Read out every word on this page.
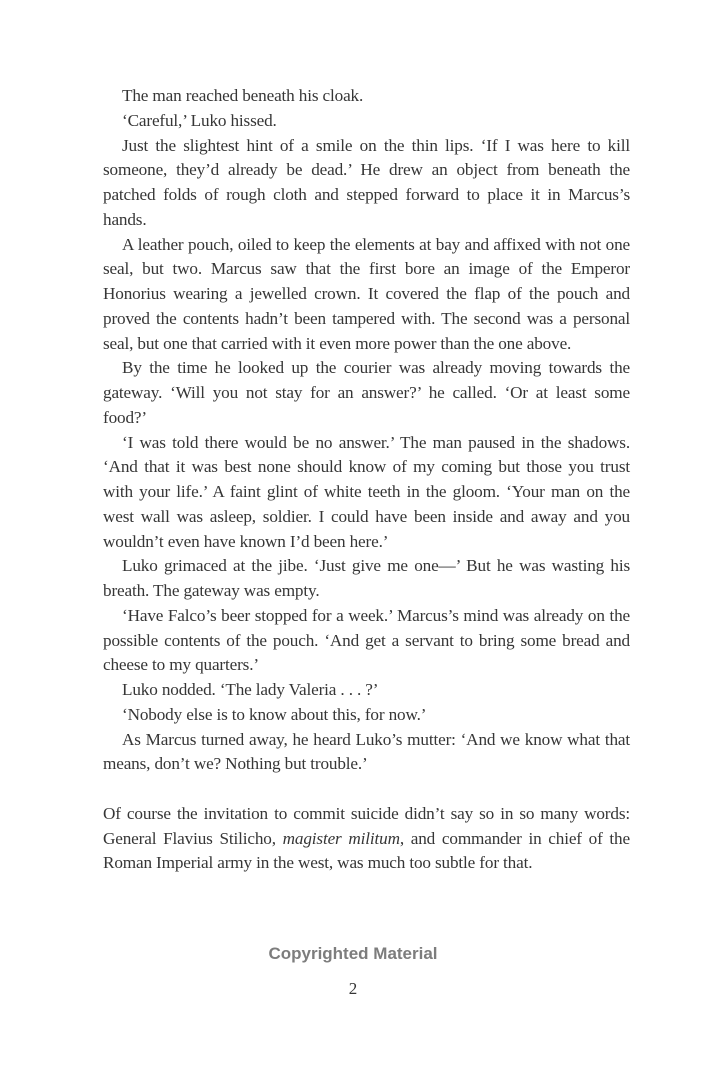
The man reached beneath his cloak.

‘Careful,’ Luko hissed.

Just the slightest hint of a smile on the thin lips. ‘If I was here to kill someone, they’d already be dead.’ He drew an object from beneath the patched folds of rough cloth and stepped forward to place it in Marcus’s hands.

A leather pouch, oiled to keep the elements at bay and affixed with not one seal, but two. Marcus saw that the first bore an image of the Emperor Honorius wearing a jewelled crown. It covered the flap of the pouch and proved the contents hadn’t been tampered with. The second was a personal seal, but one that carried with it even more power than the one above.

By the time he looked up the courier was already moving towards the gateway. ‘Will you not stay for an answer?’ he called. ‘Or at least some food?’

‘I was told there would be no answer.’ The man paused in the shadows. ‘And that it was best none should know of my coming but those you trust with your life.’ A faint glint of white teeth in the gloom. ‘Your man on the west wall was asleep, soldier. I could have been inside and away and you wouldn’t even have known I’d been here.’

Luko grimaced at the jibe. ‘Just give me one—’ But he was wasting his breath. The gateway was empty.

‘Have Falco’s beer stopped for a week.’ Marcus’s mind was already on the possible contents of the pouch. ‘And get a servant to bring some bread and cheese to my quarters.’

Luko nodded. ‘The lady Valeria . . . ?’

‘Nobody else is to know about this, for now.’

As Marcus turned away, he heard Luko’s mutter: ‘And we know what that means, don’t we? Nothing but trouble.’

Of course the invitation to commit suicide didn’t say so in so many words: General Flavius Stilicho, magister militum, and commander in chief of the Roman Imperial army in the west, was much too subtle for that.

Copyrighted Material
2
